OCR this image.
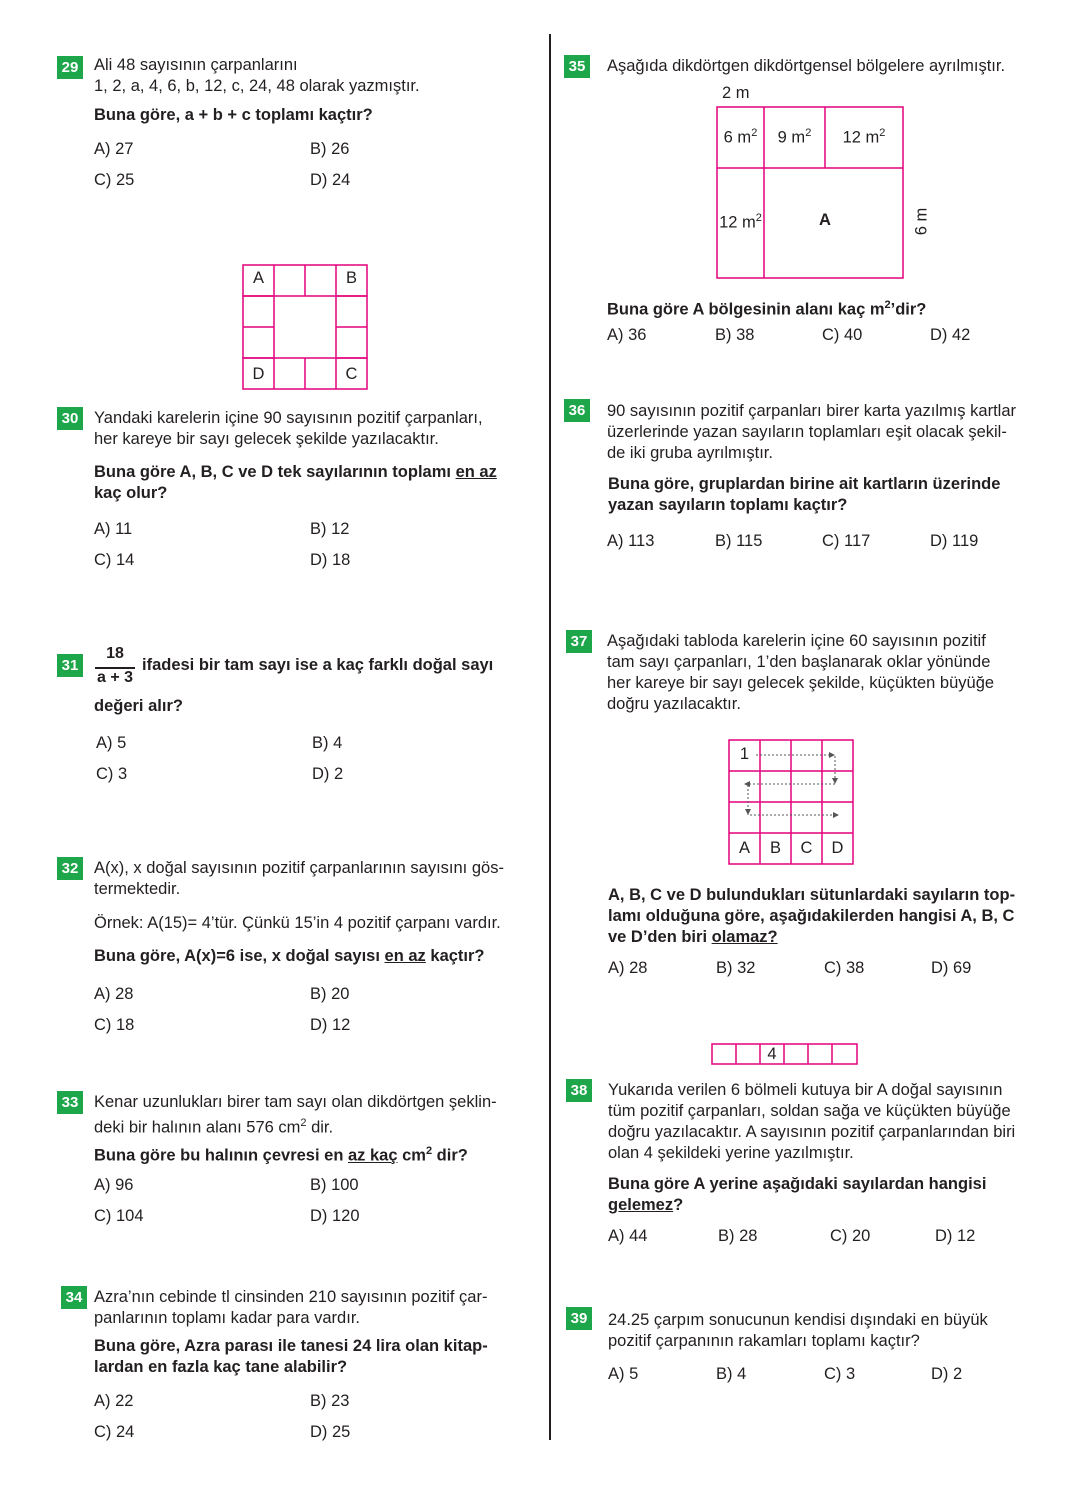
29 Ali 48 sayısının çarpanlarını
1, 2, a, 4, 6, b, 12, c, 24, 48 olarak yazmıştır.
Buna göre, a + b + c toplamı kaçtır?
A) 27	B) 26
C) 25	D) 24
A	B
D	C
30 Yandaki karelerin içine 90 sayısının pozitif çarpanları,
her kareye bir sayı gelecek şekilde yazılacaktır.
Buna göre A, B, C ve D tek sayılarının toplamı en az
kaç olur?
A) 11	B) 12
C) 14	D) 18
31
18
a + 3
ifadesi bir tam sayı ise a kaç farklı doğal sayı
değeri alır?
A) 5	B) 4
C) 3	D) 2
32 A(x), x doğal sayısının pozitif çarpanlarının sayısını gös-
termektedir.
Örnek: A(15)= 4’tür. Çünkü 15’in 4 pozitif çarpanı vardır.
Buna göre, A(x)=6 ise, x doğal sayısı en az kaçtır?
A) 28	B) 20
C) 18	D) 12
33 Kenar uzunlukları birer tam sayı olan dikdörtgen şeklin-
deki bir halının alanı 576 $cm^2$ dir.
Buna göre bu halının çevresi en az kaç $cm^2$ dir?
A) 96	B) 100
C) 104	D) 120
34 Azra’nın cebinde tl cinsinden 210 sayısının pozitif çar-
panlarının toplamı kadar para vardır.
Buna göre, Azra parası ile tanesi 24 lira olan kitap-
lardan en fazla kaç tane alabilir?
A) 22	B) 23
C) 24	D) 25
35 Aşağıda dikdörtgen dikdörtgensel bölgelere ayrılmıştır.
2 m
6 $m^2$	9 $m^2$	12 $m^2$
12 $m^2$	A	6 m
Buna göre A bölgesinin alanı kaç $m^2’dir$?
A) 36	B) 38	C) 40	D) 42
36 90 sayısının pozitif çarpanları birer karta yazılmış kartlar
üzerlerinde yazan sayıların toplamları eşit olacak şekil-
de iki gruba ayrılmıştır.
Buna göre, gruplardan birine ait kartların üzerinde
yazan sayıların toplamı kaçtır?
A) 113	B) 115	C) 117	D) 119
37 Aşağıdaki tabloda karelerin içine 60 sayısının pozitif
tam sayı çarpanları, 1’den başlanarak oklar yönünde
her kareye bir sayı gelecek şekilde, küçükten büyüğe
doğru yazılacaktır.
1
A	B	C	D
A, B, C ve D bulundukları sütunlardaki sayıların top-
lamı olduğuna göre, aşağıdakilerden hangisi A, B, C
ve D’den biri olamaz?
A) 28	B) 32	C) 38	D) 69
4
38 Yukarıda verilen 6 bölmeli kutuya bir A doğal sayısının
tüm pozitif çarpanları, soldan sağa ve küçükten büyüğe
doğru yazılacaktır. A sayısının pozitif çarpanlarından biri
olan 4 şekildeki yerine yazılmıştır.
Buna göre A yerine aşağıdaki sayılardan hangisi
gelemez?
A) 44	B) 28	C) 20	D) 12
39 24.25 çarpım sonucunun kendisi dışındaki en büyük
pozitif çarpanının rakamları toplamı kaçtır?
A) 5	B) 4	C) 3	D) 2
